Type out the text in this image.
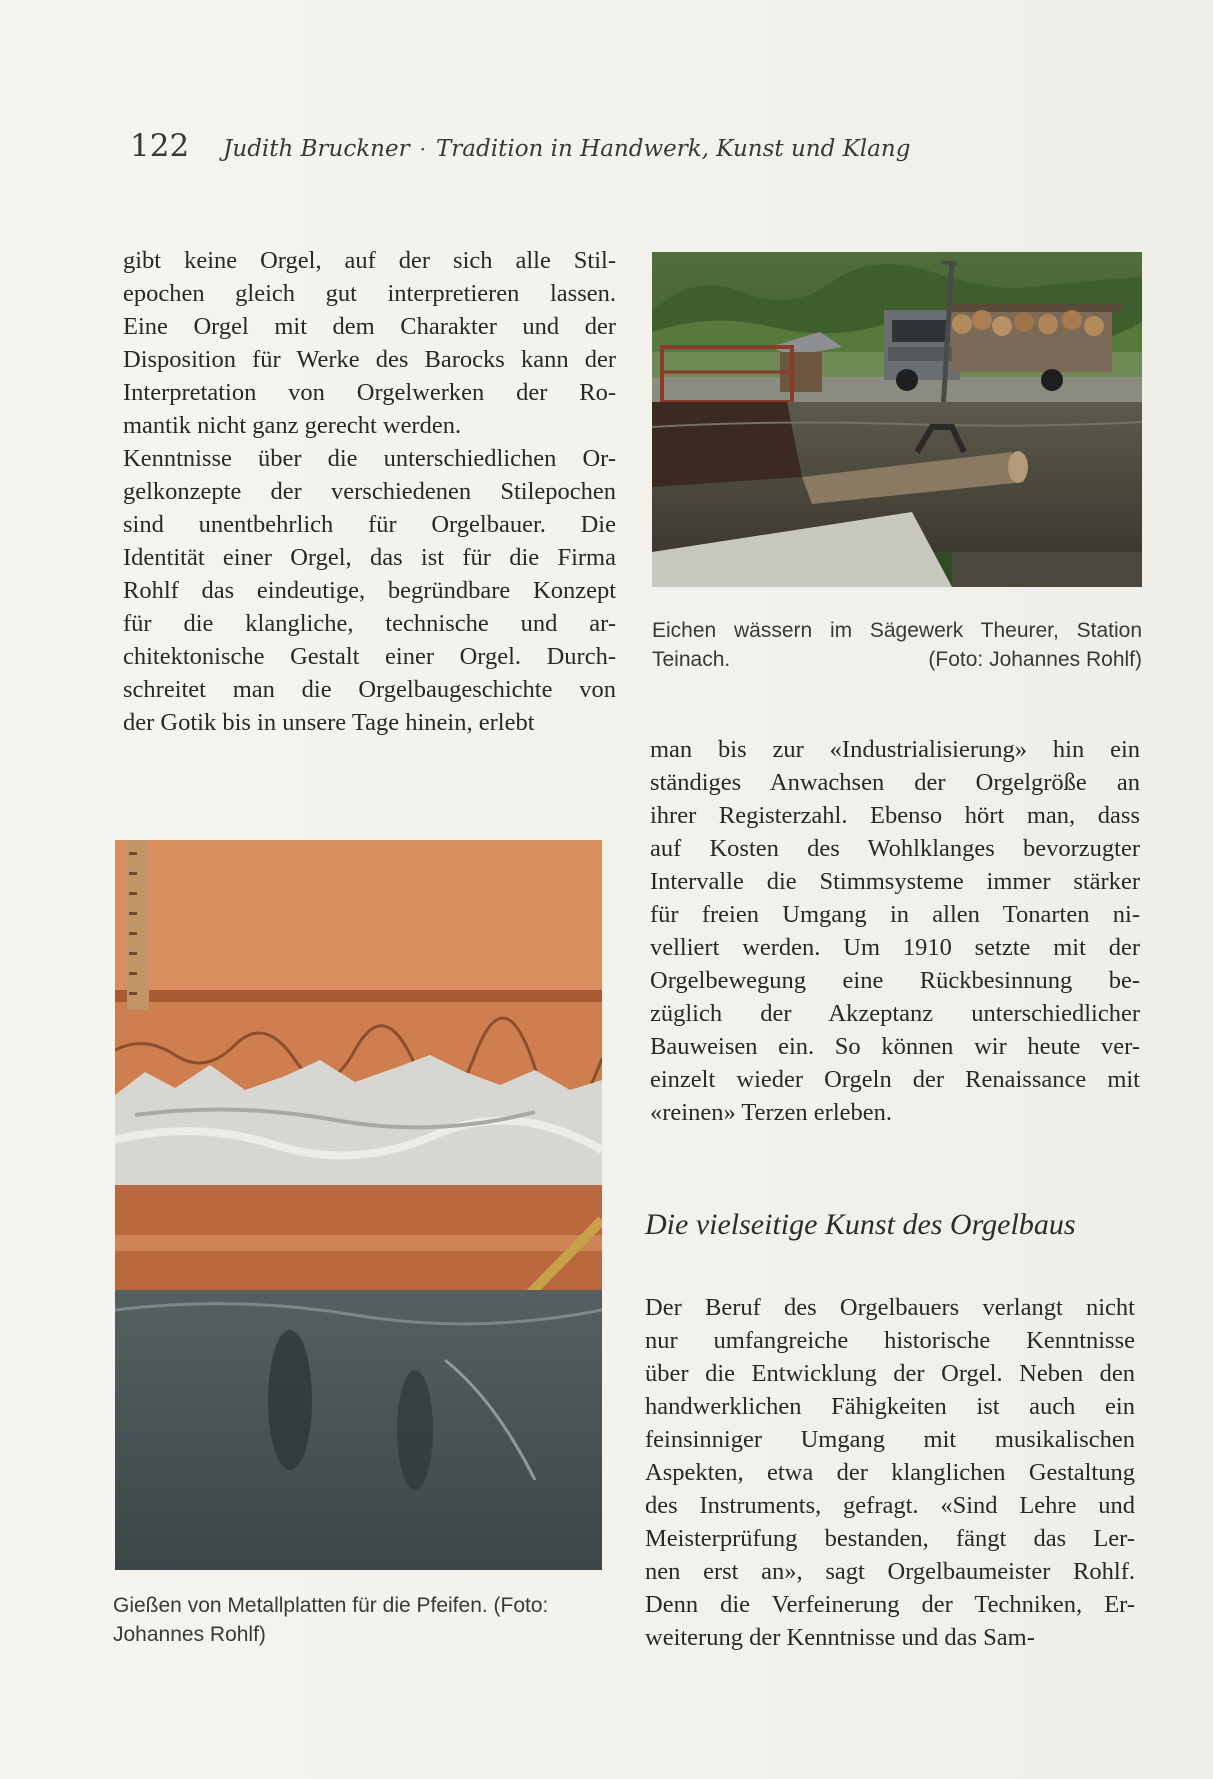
122 Judith Bruckner · Tradition in Handwerk, Kunst und Klang
gibt keine Orgel, auf der sich alle Stil-
epochen gleich gut interpretieren lassen.
Eine Orgel mit dem Charakter und der
Disposition für Werke des Barocks kann der
Interpretation von Orgelwerken der Ro-
mantik nicht ganz gerecht werden.
Kenntnisse über die unterschiedlichen Or-
gelkonzepte der verschiedenen Stilepochen
sind unentbehrlich für Orgelbauer. Die
Identität einer Orgel, das ist für die Firma
Rohlf das eindeutige, begründbare Konzept
für die klangliche, technische und ar-
chitektonische Gestalt einer Orgel. Durch-
schreitet man die Orgelbaugeschichte von
der Gotik bis in unsere Tage hinein, erlebt
Eichen wässern im Sägewerk Theurer, Station
Teinach.	(Foto: Johannes Rohlf)
man bis zur «Industrialisierung» hin ein
ständiges Anwachsen der Orgelgröße an
ihrer Registerzahl. Ebenso hört man, dass
auf Kosten des Wohlklanges bevorzugter
Intervalle die Stimmsysteme immer stärker
für freien Umgang in allen Tonarten ni-
velliert werden. Um 1910 setzte mit der
Orgelbewegung eine Rückbesinnung be-
züglich der Akzeptanz unterschiedlicher
Bauweisen ein. So können wir heute ver-
einzelt wieder Orgeln der Renaissance mit
«reinen» Terzen erleben.
Die vielseitige Kunst des Orgelbaus
Der Beruf des Orgelbauers verlangt nicht
nur umfangreiche historische Kenntnisse
über die Entwicklung der Orgel. Neben den
handwerklichen Fähigkeiten ist auch ein
feinsinniger Umgang mit musikalischen
Aspekten, etwa der klanglichen Gestaltung
des Instruments, gefragt. «Sind Lehre und
Meisterprüfung bestanden, fängt das Ler-
nen erst an», sagt Orgelbaumeister Rohlf.
Denn die Verfeinerung der Techniken, Er-
weiterung der Kenntnisse und das Sam-
Gießen von Metallplatten für die Pfeifen. (Foto:
Johannes Rohlf)
